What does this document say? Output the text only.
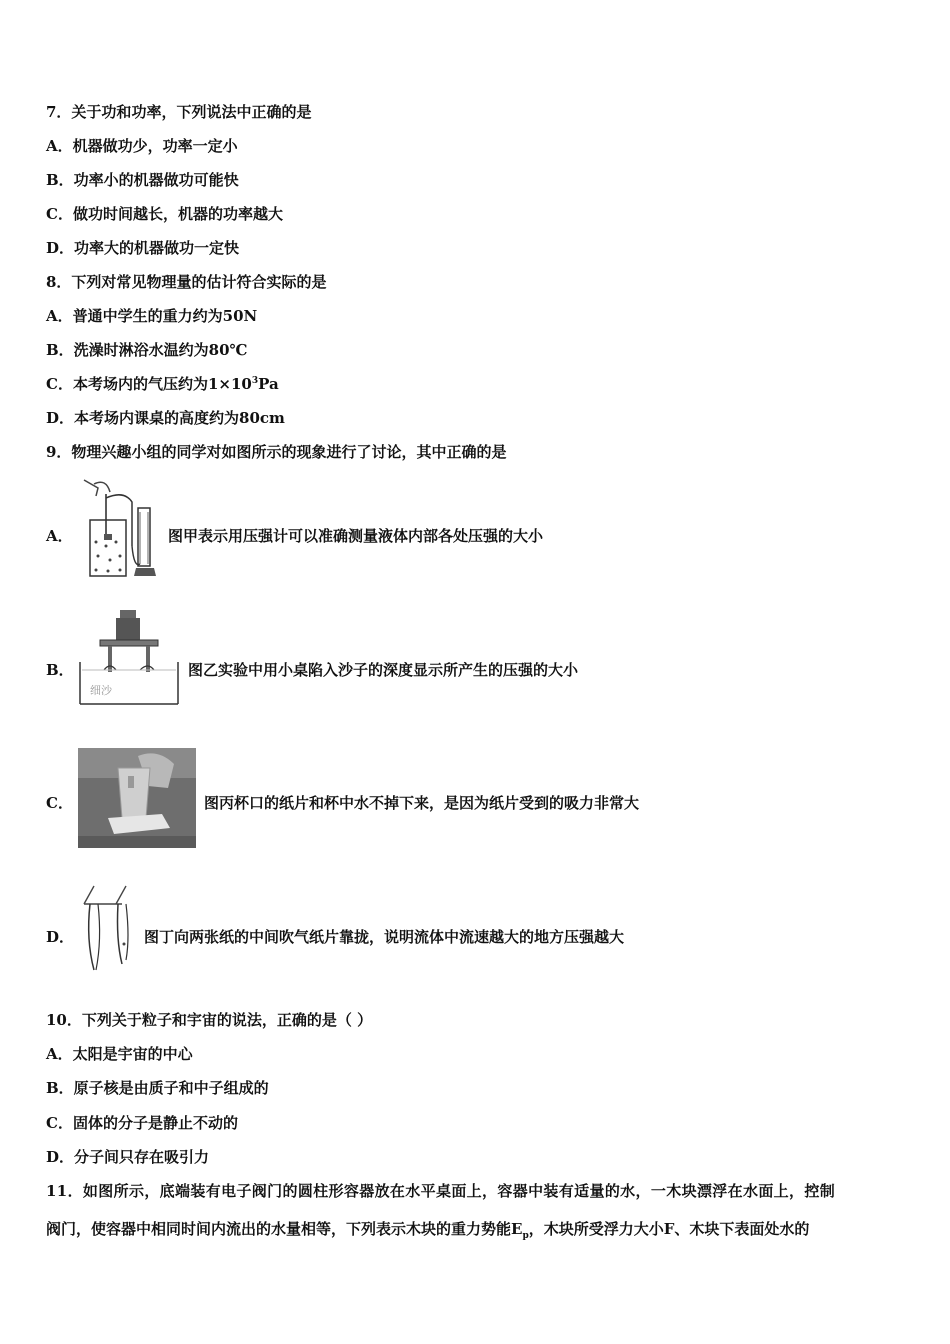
7．关于功和功率，下列说法中正确的是
A．机器做功少，功率一定小
B．功率小的机器做功可能快
C．做功时间越长，机器的功率越大
D．功率大的机器做功一定快
8．下列对常见物理量的估计符合实际的是
A．普通中学生的重力约为50N
B．洗澡时淋浴水温约为80℃
C．本考场内的气压约为$1\times 10^3Pa$
D．本考场内课桌的高度约为80cm
9．物理兴趣小组的同学对如图所示的现象进行了讨论，其中正确的是
A．	图甲表示用压强计可以准确测量液体内部各处压强的大小
B．
细沙
图乙实验中用小桌陷入沙子的深度显示所产生的压强的大小
C．	图丙杯口的纸片和杯中水不掉下来，是因为纸片受到的吸力非常大
D．	图丁向两张纸的中间吹气纸片靠拢，说明流体中流速越大的地方压强越大
10．下列关于粒子和宇宙的说法，正确的是（ ）
A．太阳是宇宙的中心
B．原子核是由质子和中子组成的
C．固体的分子是静止不动的
D．分子间只存在吸引力
11．如图所示，底端装有电子阀门的圆柱形容器放在水平桌面上，容器中装有适量的水，一木块漂浮在水面上，控制
阀门，使容器中相同时间内流出的水量相等，下列表示木块的重力势能$E_p$，木块所受浮力大小F、木块下表面处水的
